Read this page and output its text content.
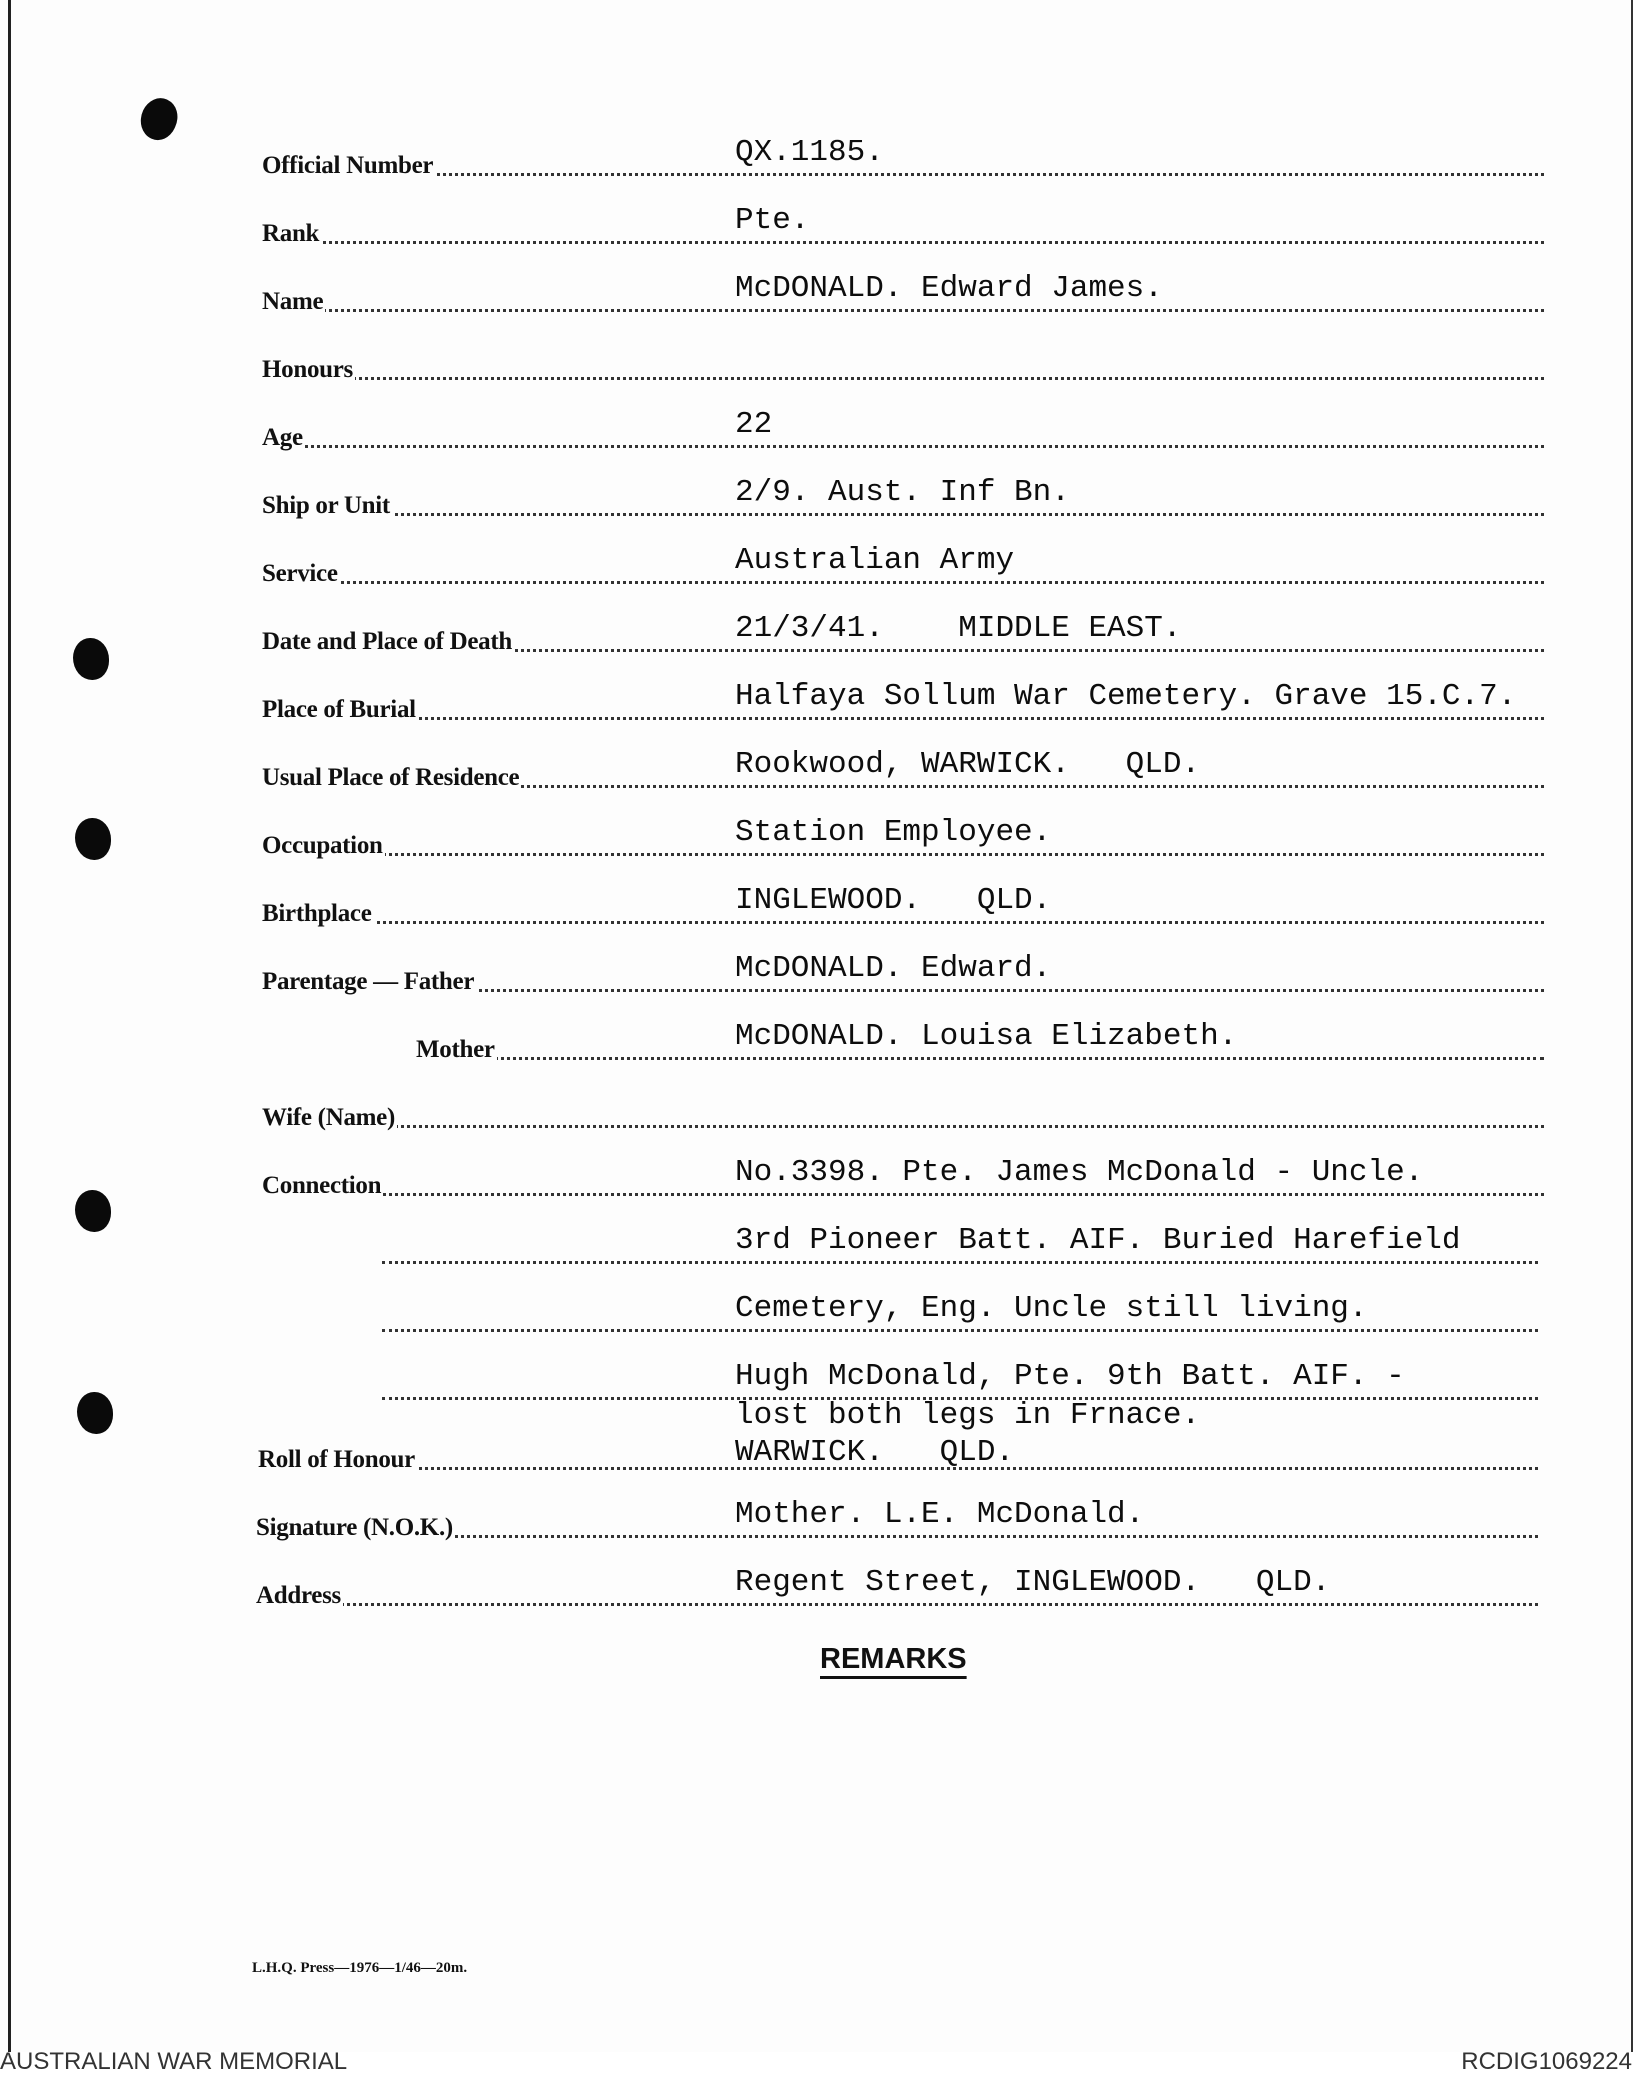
Official Number	QX.1185.
Rank	Pte.
Name	McDONALD. Edward James.
Honours
Age	22
Ship or Unit	2/9. Aust. Inf Bn.
Service	Australian Army
Date and Place of Death	21/3/41.    MIDDLE EAST.
Place of Burial	Halfaya Sollum War Cemetery. Grave 15.C.7.
Usual Place of Residence	Rookwood, WARWICK.   QLD.
Occupation	Station Employee.
Birthplace	INGLEWOOD.   QLD.
Parentage — Father	McDONALD. Edward.
Mother	McDONALD. Louisa Elizabeth.
Wife (Name)
Connection	No.3398. Pte. James McDonald - Uncle.
3rd Pioneer Batt. AIF. Buried Harefield
Cemetery, Eng. Uncle still living.
Hugh McDonald, Pte. 9th Batt. AIF. -
lost both legs in Frnace.
Roll of Honour	WARWICK.   QLD.
Signature (N.O.K.)	Mother. L.E. McDonald.
Address	Regent Street, INGLEWOOD.   QLD.
REMARKS
L.H.Q. Press—1976—1/46—20m.
AUSTRALIAN WAR MEMORIAL	RCDIG1069224
